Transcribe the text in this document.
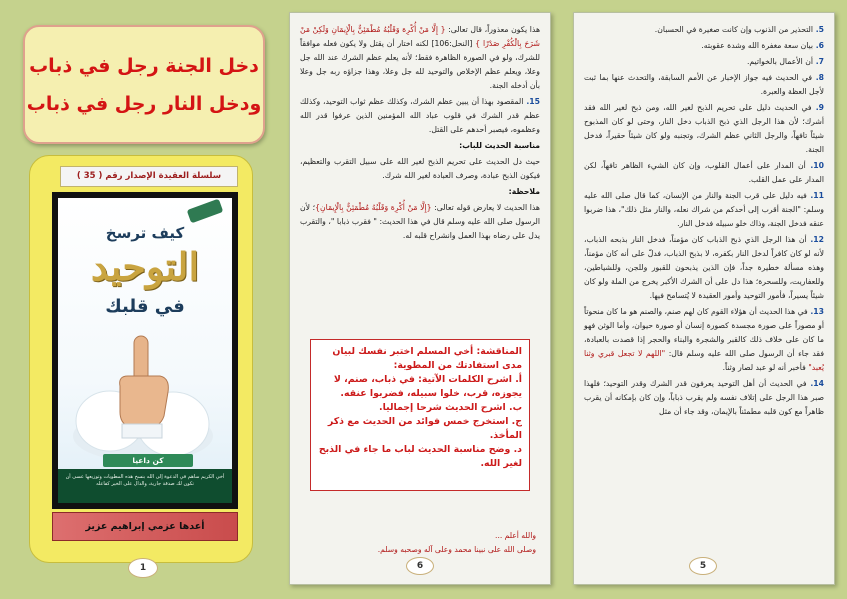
5. التحذير من الذنوب وإن كانت صغيرة في الحسبان.

6. بيان سعة مغفرة الله وشدة عقوبته.

7. أن الأعمال بالخواتيم.

8. في الحديث فيه جواز الإخبار عن الأمم السابقة، والتحدث عنها بما ثبت لأجل العظة والعبرة.

9. في الحديث دليل على تحريم الذبح لغير الله، ومن ذبح لغير الله فقد أشرك؛ لأن هذا الرجل الذي ذبح الذباب دخل النار، وحتى لو كان المذبوح شيئاً تافهاً، والرجل الثاني عظم الشرك، وتجنبه ولو كان شيئاً حقيراً، فدخل الجنة.

10. أن المدار على أعمال القلوب، وإن كان الشيء الظاهر تافهاً، لكن المدار على عمل القلب.

11. فيه دليل على قرب الجنة والنار من الإنسان، كما قال صلى الله عليه وسلم: "الجنة أقرب إلى أحدكم من شراك نعله، والنار مثل ذلك"، هذا ضربوا عنقه فدخل الجنة، وذاك خلو سبيله فدخل النار.

12. أن هذا الرجل الذي ذبح الذباب كان مؤمناً، فدخل النار بذبحه الذباب، لأنه لو كان كافراً لدخل النار بكفره، لا بذبح الذباب، فدلّ على أنه كان مؤمناً، وهذه مسألة خطيرة جداً، فإن الذين يذبحون للقبور وللجن، وللشياطين، وللعفاريت، وللسحرة؛ هذا دل على أن الشرك الأكبر يخرج من الملة ولو كان شيئاً يسيراً، فأمور التوحيد وأمور العقيدة لا يُتسامح فيها.

13. في هذا الحديث أن هؤلاء القوم كان لهم صنم، والصنم هو ما كان منحوتاً أو مصوراً على صورة مجسدة كصورة إنسان أو صورة حيوان، وأما الوثن فهو ما كان على خلاف ذلك كالقبر والشجرة والبناء والحجر إذا قصدت بالعبادة، فقد جاء أن الرسول صلى الله عليه وسلم قال: "اللهم لا تجعل قبري وثنا يُعبد" فأخبر أنه لو عبد لصار وثناً.

14. في الحديث أن أهل التوحيد يعرفون قدر الشرك وقدر التوحيد؛ فلهذا صبر هذا الرجل على إتلاف نفسه ولم يقرب ذباباً، وإن كان بإمكانه أن يقرب ظاهراً مع كون قلبه مطمئناً بالإيمان، وقد جاء أن مثل

5

هذا يكون معذوراً، قال تعالى: { إِلَّا مَنْ أُكْرِهَ وَقَلْبُهُ مُطْمَئِنٌّ بِالْإِيمَانِ وَلَكِنْ مَنْ شَرَحَ بِالْكُفْرِ صَدْرًا } [النحل:106] لكنه اختار أن يقتل ولا يكون فعله موافقاً للشرك، ولو في الصورة الظاهرة فقط؛ لأنه يعلم عظم الشرك عند الله جل وعلا، ويعلم عظم الإخلاص والتوحيد لله جل وعلا، وهذا جزاؤه ربه جل وعلا بأن أدخله الجنة.

15. المقصود بهذا أن يبين عظم الشرك، وكذلك عظم ثواب التوحيد، وكذلك عظم قدر الشرك في قلوب عباد الله المؤمنين الذين عرفوا قدر الله وعظموه، فيصبر أحدهم على القتل.

مناسبة الحديث للباب:

حيث دل الحديث على تحريم الذبح لغير الله على سبيل التقرب والتعظيم، فيكون الذبح عبادة، وصرف العبادة لغير الله شرك.

ملاحظة:

هذا الحديث لا يعارض قوله تعالى: {إِلَّا مَنْ أُكْرِهَ وَقَلْبُهُ مُطْمَئِنٌّ بِالْإِيمَانِ}؛ لأن الرسول صلى الله عليه وسلم قال في هذا الحديث: " فقرب ذبابا "، والتقرب يدل على رضاه بهذا العمل وانشراح قلبه له.

المناقشة: أخي المسلم اختبر نفسك لبيان مدى استفادتك من المطوية:
أ. اشرح الكلمات الآتية: في ذباب، صنم، لا يجوزه، قرب، خلوا سبيله، فضربوا عنقه.
ب. اشرح الحديث شرحا إجماليا.
ج. استخرج خمس فوائد من الحديث مع ذكر المأخذ.
د. وضح مناسبة الحديث لباب ما جاء في الذبح لغير الله.
والله أعلم ...
وصلى الله على نبينا محمد وعلى آله وصحبه وسلم.
6
دخل الجنة رجل في ذباب
ودخل النار رجل في ذباب
سلسلة العقيدة الإصدار رقم ( 35 )
كيف ترسخ
التوحيد
في قلبك
كن داعيا
أخي الكريم ساهم في الدعوة إلى الله بنسخ هذه المطويات وتوزيعها عسى أن تكون لك صدقة جارية، والدال على الخير كفاعله
أعدها عزمي إبراهيم عزيز
1
